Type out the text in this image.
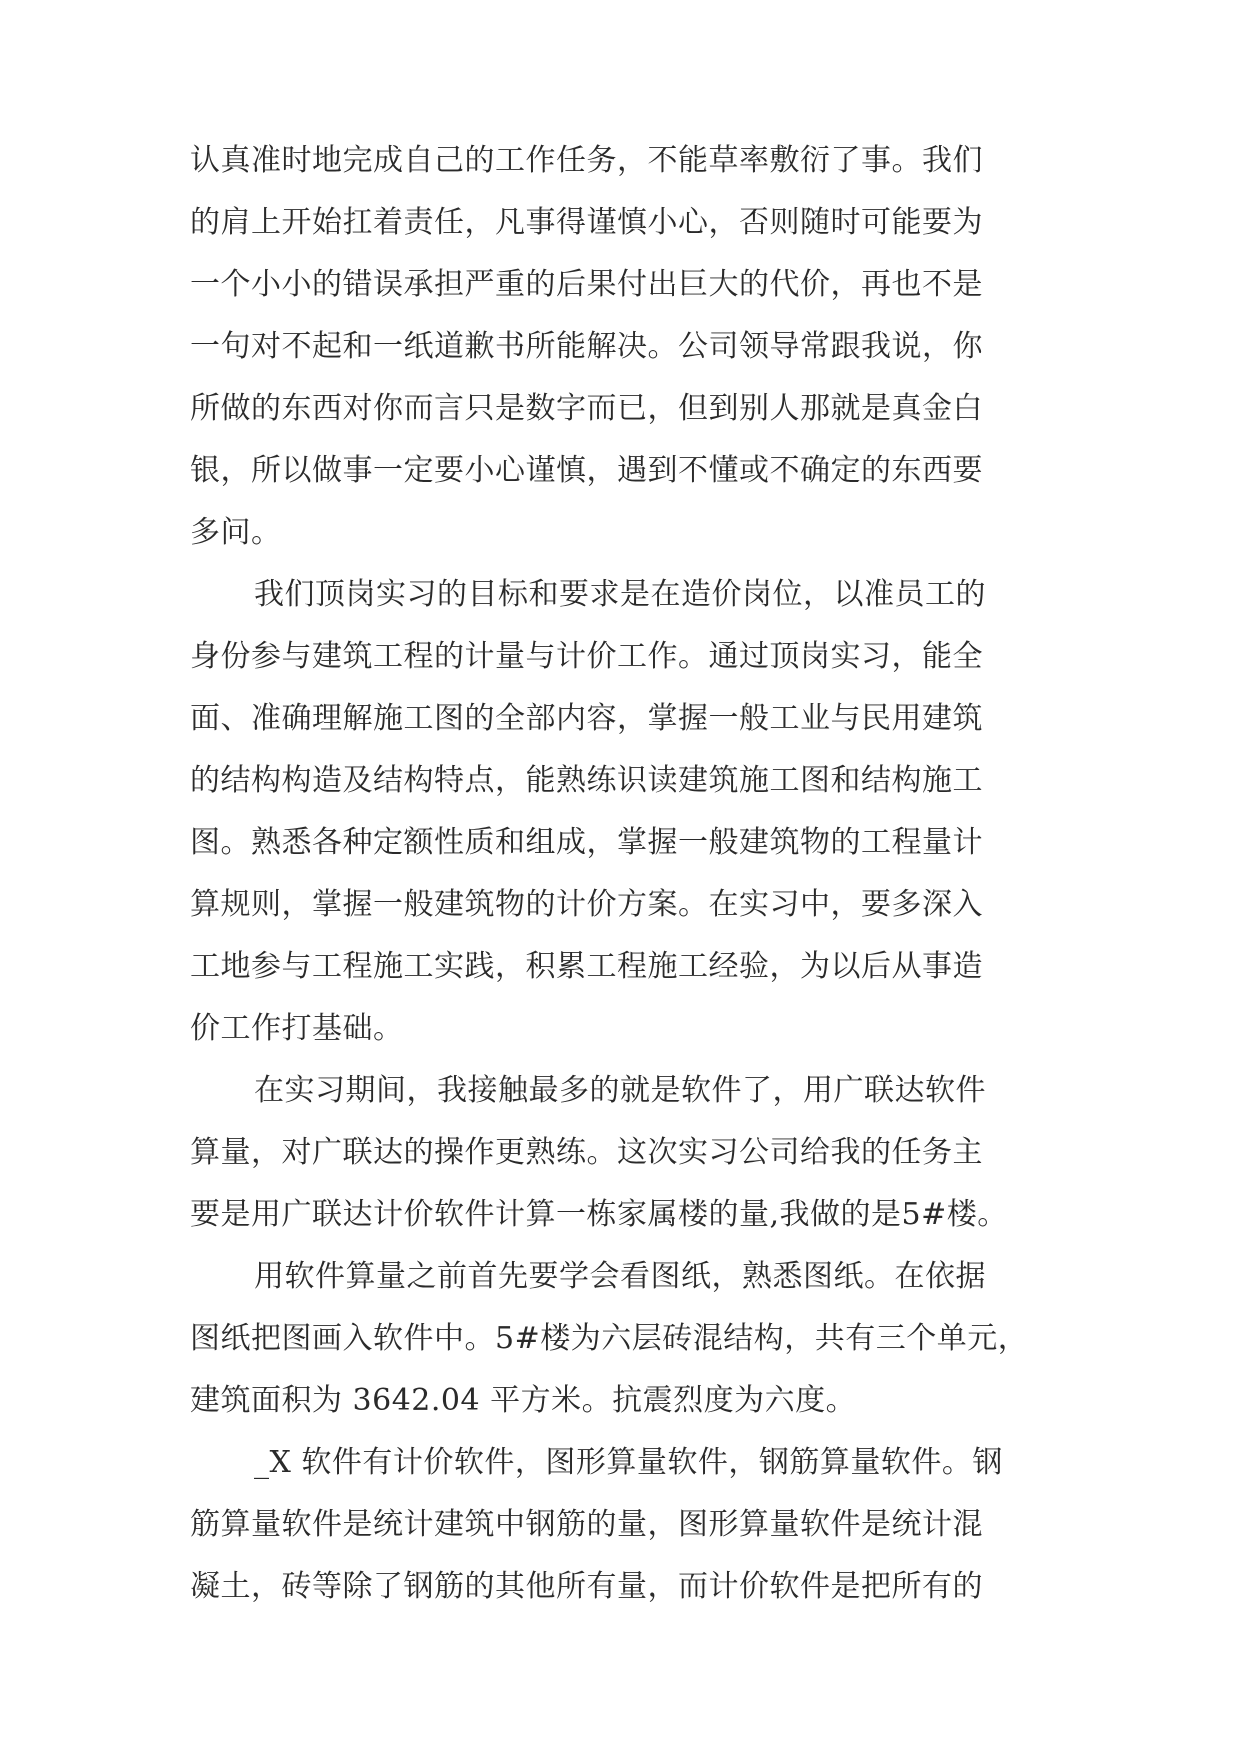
认真准时地完成自己的工作任务，不能草率敷衍了事。我们
的肩上开始扛着责任，凡事得谨慎小心，否则随时可能要为
一个小小的错误承担严重的后果付出巨大的代价，再也不是
一句对不起和一纸道歉书所能解决。公司领导常跟我说，你
所做的东西对你而言只是数字而已，但到别人那就是真金白
银，所以做事一定要小心谨慎，遇到不懂或不确定的东西要
多问。
我们顶岗实习的目标和要求是在造价岗位，以准员工的
身份参与建筑工程的计量与计价工作。通过顶岗实习，能全
面、准确理解施工图的全部内容，掌握一般工业与民用建筑
的结构构造及结构特点，能熟练识读建筑施工图和结构施工
图。熟悉各种定额性质和组成，掌握一般建筑物的工程量计
算规则，掌握一般建筑物的计价方案。在实习中，要多深入
工地参与工程施工实践，积累工程施工经验，为以后从事造
价工作打基础。
在实习期间，我接触最多的就是软件了，用广联达软件
算量，对广联达的操作更熟练。这次实习公司给我的任务主
要是用广联达计价软件计算一栋家属楼的量,我做的是5#楼。
用软件算量之前首先要学会看图纸，熟悉图纸。在依据
图纸把图画入软件中。5#楼为六层砖混结构，共有三个单元，
建筑面积为 3642.04 平方米。抗震烈度为六度。
_X 软件有计价软件，图形算量软件，钢筋算量软件。钢
筋算量软件是统计建筑中钢筋的量，图形算量软件是统计混
凝土，砖等除了钢筋的其他所有量，而计价软件是把所有的
